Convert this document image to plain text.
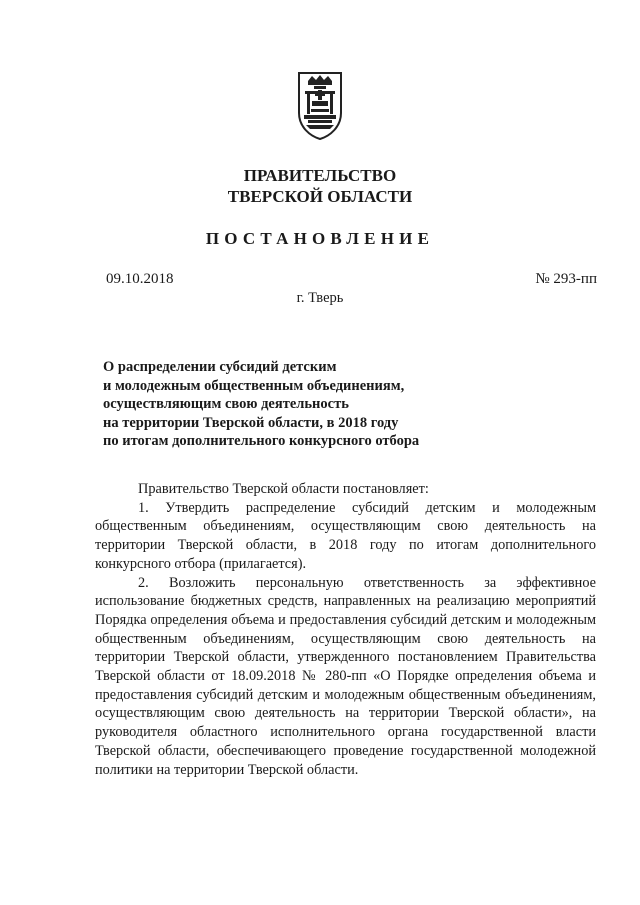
ПРАВИТЕЛЬСТВО
ТВЕРСКОЙ ОБЛАСТИ
ПОСТАНОВЛЕНИЕ
09.10.2018	№ 293-пп
г. Тверь
О распределении субсидий детским
и молодежным общественным объединениям,
осуществляющим свою деятельность
на территории Тверской области, в 2018 году
по итогам дополнительного конкурсного отбора

Правительство Тверской области постановляет:

1. Утвердить распределение субсидий детским и молодежным общественным объединениям, осуществляющим свою деятельность на территории Тверской области, в 2018 году по итогам дополнительного конкурсного отбора (прилагается).

2. Возложить персональную ответственность за эффективное использование бюджетных средств, направленных на реализацию мероприятий Порядка определения объема и предоставления субсидий детским и молодежным общественным объединениям, осуществляющим свою деятельность на территории Тверской области, утвержденного постановлением Правительства Тверской области от 18.09.2018 № 280-пп «О Порядке определения объема и предоставления субсидий детским и молодежным общественным объединениям, осуществляющим свою деятельность на территории Тверской области», на руководителя областного исполнительного органа государственной власти Тверской области, обеспечивающего проведение государственной молодежной политики на территории Тверской области.
